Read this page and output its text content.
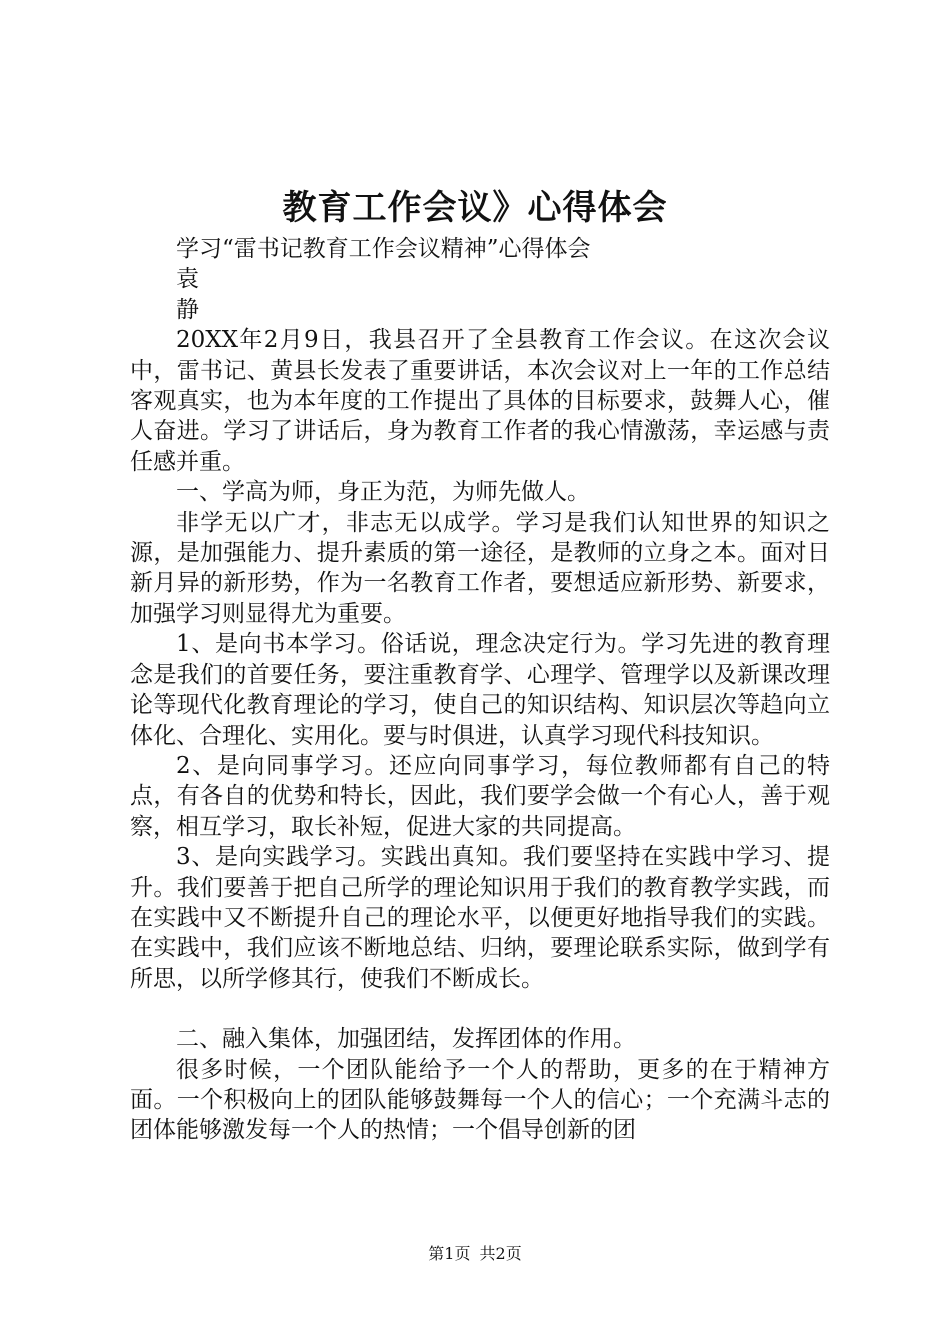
教育工作会议》心得体会

学习“雷书记教育工作会议精神”心得体会

袁

静

20XX年2月9日，我县召开了全县教育工作会议。在这次会议中，雷书记、黄县长发表了重要讲话，本次会议对上一年的工作总结客观真实，也为本年度的工作提出了具体的目标要求，鼓舞人心，催人奋进。学习了讲话后，身为教育工作者的我心情激荡，幸运感与责任感并重。

一、学高为师，身正为范，为师先做人。

非学无以广才，非志无以成学。学习是我们认知世界的知识之源，是加强能力、提升素质的第一途径，是教师的立身之本。面对日新月异的新形势，作为一名教育工作者，要想适应新形势、新要求，加强学习则显得尤为重要。

1、是向书本学习。俗话说，理念决定行为。学习先进的教育理念是我们的首要任务，要注重教育学、心理学、管理学以及新课改理论等现代化教育理论的学习，使自己的知识结构、知识层次等趋向立体化、合理化、实用化。要与时俱进，认真学习现代科技知识。

2、是向同事学习。还应向同事学习，每位教师都有自己的特点，有各自的优势和特长，因此，我们要学会做一个有心人，善于观察，相互学习，取长补短，促进大家的共同提高。

3、是向实践学习。实践出真知。我们要坚持在实践中学习、提升。我们要善于把自己所学的理论知识用于我们的教育教学实践，而在实践中又不断提升自己的理论水平，以便更好地指导我们的实践。在实践中，我们应该不断地总结、归纳，要理论联系实际，做到学有所思，以所学修其行，使我们不断成长。

二、融入集体，加强团结，发挥团体的作用。

很多时候，一个团队能给予一个人的帮助，更多的在于精神方面。一个积极向上的团队能够鼓舞每一个人的信心；一个充满斗志的团体能够激发每一个人的热情；一个倡导创新的团

第1页 共2页
